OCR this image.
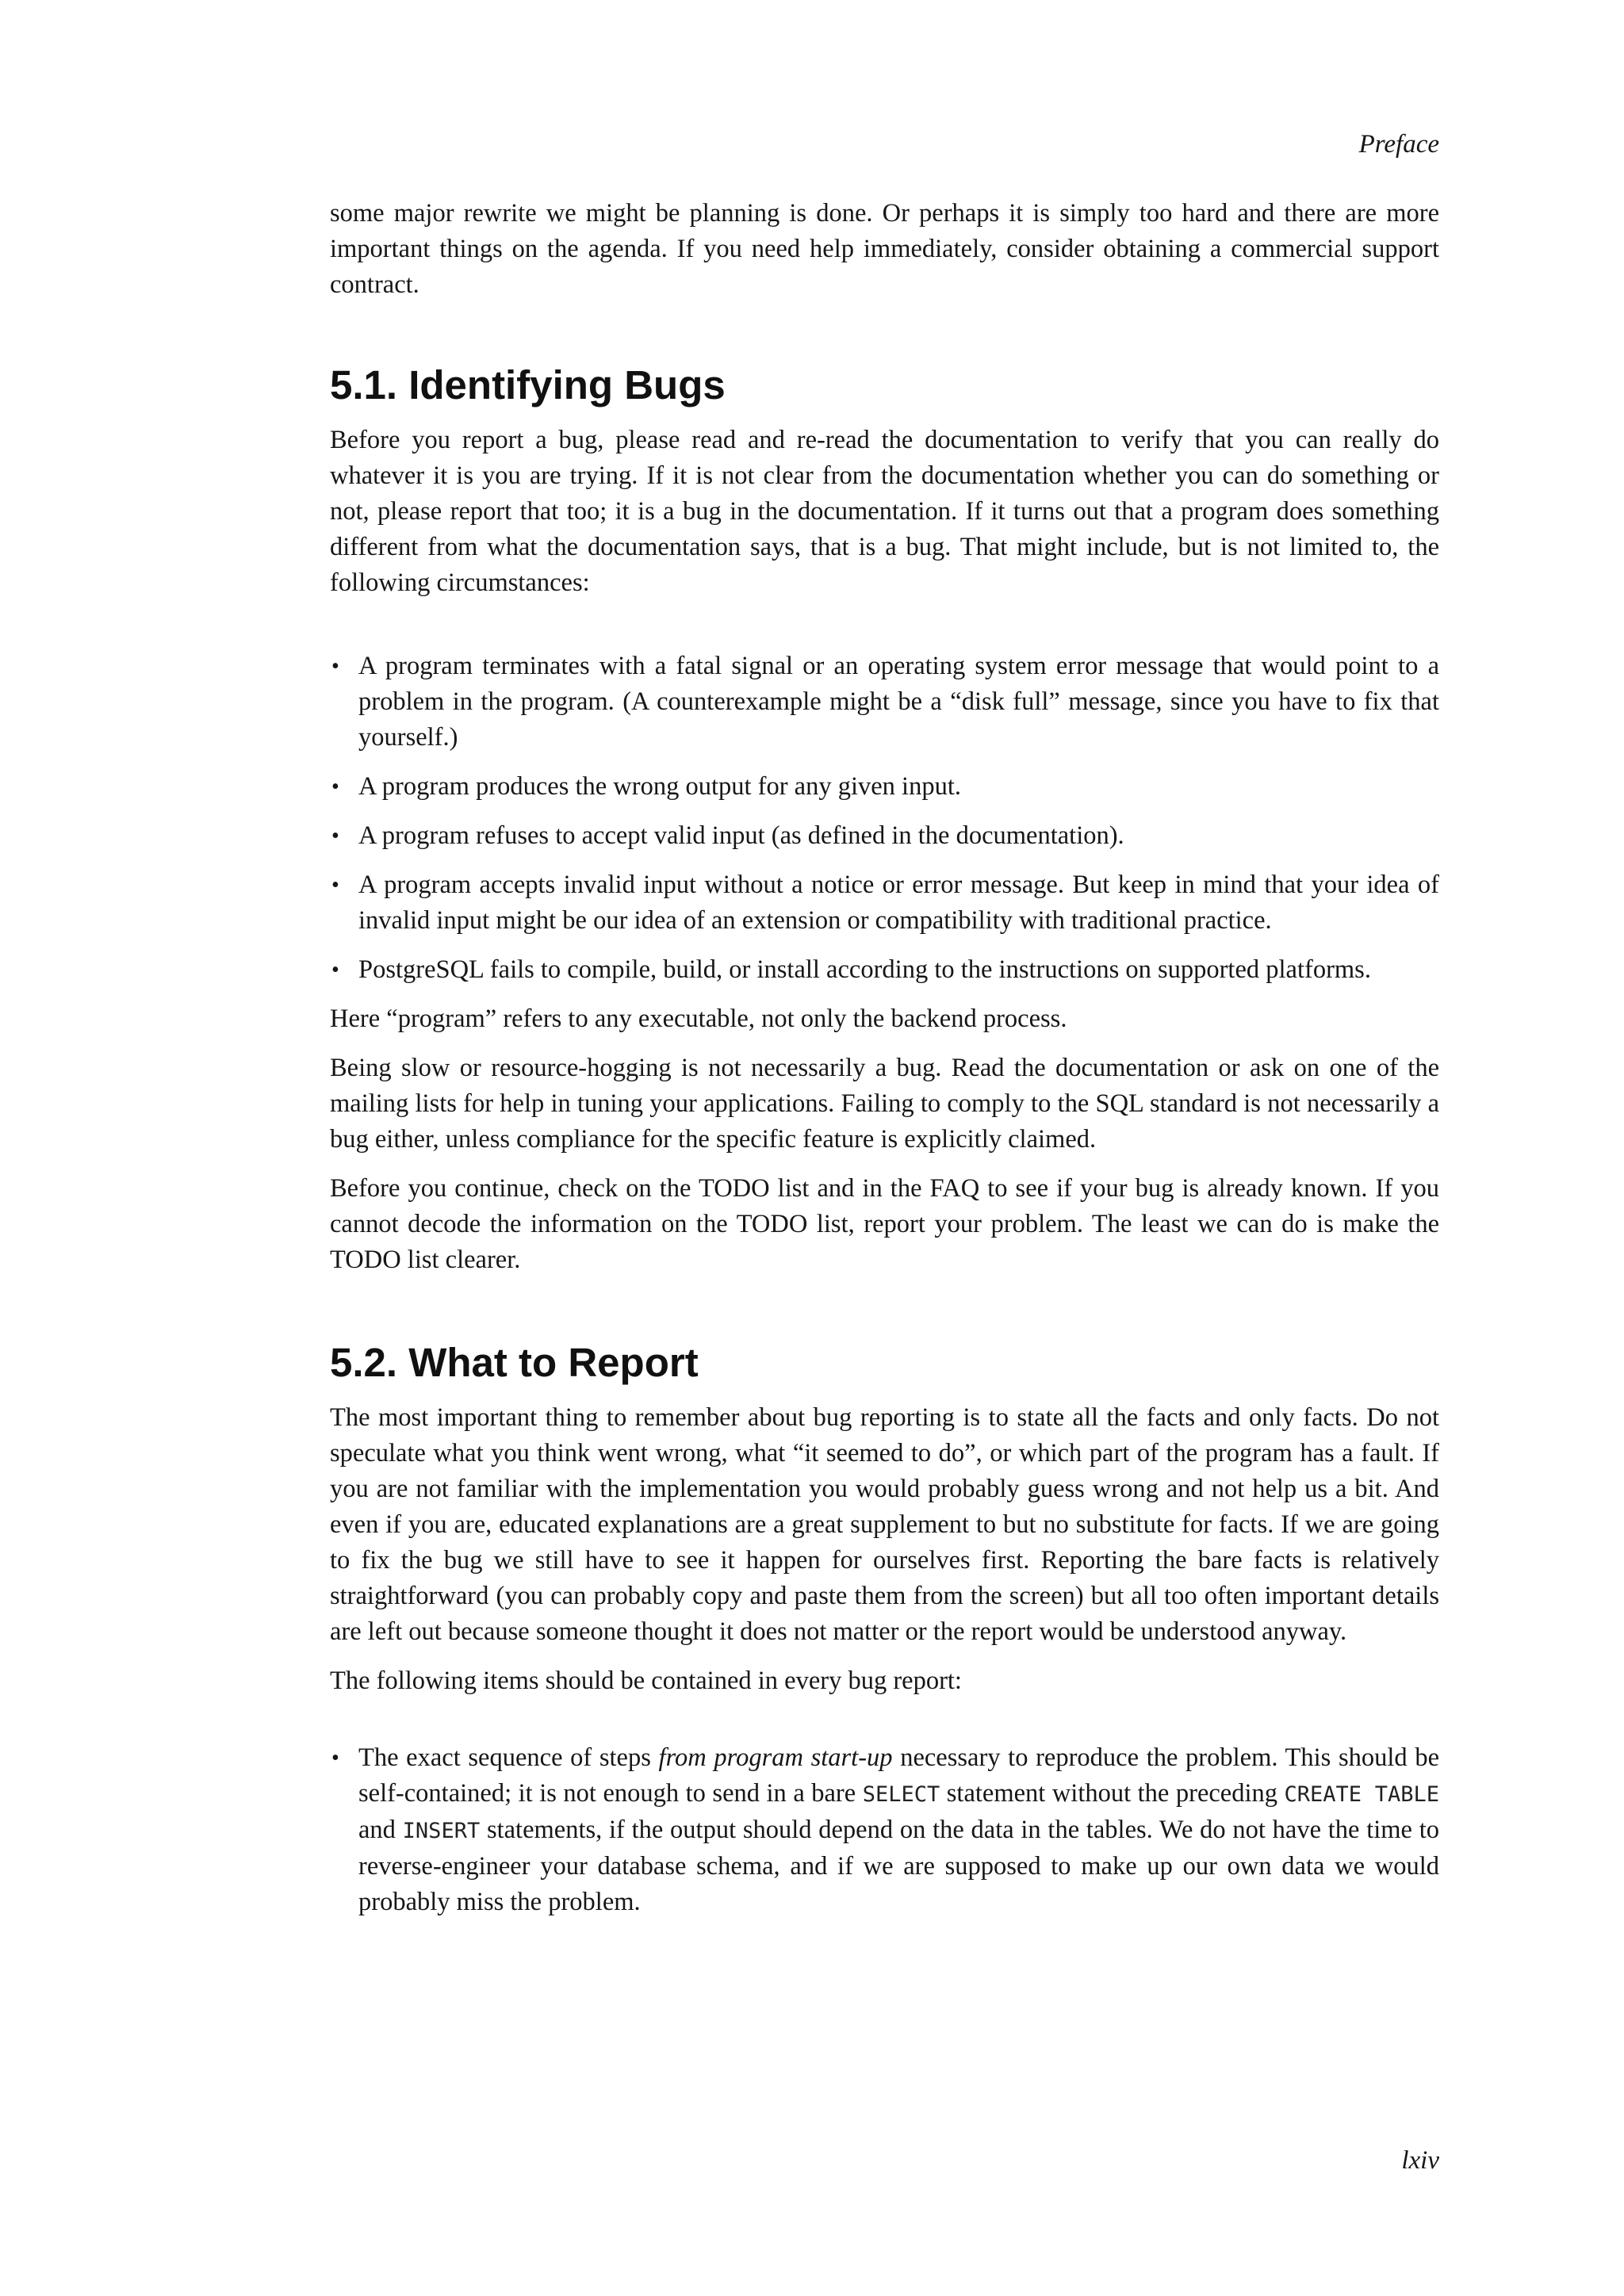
Preface

some major rewrite we might be planning is done. Or perhaps it is simply too hard and there are more important things on the agenda. If you need help immediately, consider obtaining a commercial support contract.

5.1. Identifying Bugs

Before you report a bug, please read and re-read the documentation to verify that you can really do whatever it is you are trying. If it is not clear from the documentation whether you can do something or not, please report that too; it is a bug in the documentation. If it turns out that a program does something different from what the documentation says, that is a bug. That might include, but is not limited to, the following circumstances:

• A program terminates with a fatal signal or an operating system error message that would point to a problem in the program. (A counterexample might be a “disk full” message, since you have to fix that yourself.)
• A program produces the wrong output for any given input.
• A program refuses to accept valid input (as defined in the documentation).
• A program accepts invalid input without a notice or error message. But keep in mind that your idea of invalid input might be our idea of an extension or compatibility with traditional practice.
• PostgreSQL fails to compile, build, or install according to the instructions on supported platforms.

Here “program” refers to any executable, not only the backend process.

Being slow or resource-hogging is not necessarily a bug. Read the documentation or ask on one of the mailing lists for help in tuning your applications. Failing to comply to the SQL standard is not necessarily a bug either, unless compliance for the specific feature is explicitly claimed.

Before you continue, check on the TODO list and in the FAQ to see if your bug is already known. If you cannot decode the information on the TODO list, report your problem. The least we can do is make the TODO list clearer.

5.2. What to Report

The most important thing to remember about bug reporting is to state all the facts and only facts. Do not speculate what you think went wrong, what “it seemed to do”, or which part of the program has a fault. If you are not familiar with the implementation you would probably guess wrong and not help us a bit. And even if you are, educated explanations are a great supplement to but no substitute for facts. If we are going to fix the bug we still have to see it happen for ourselves first. Reporting the bare facts is relatively straightforward (you can probably copy and paste them from the screen) but all too often important details are left out because someone thought it does not matter or the report would be understood anyway.

The following items should be contained in every bug report:

• The exact sequence of steps from program start-up necessary to reproduce the problem. This should be self-contained; it is not enough to send in a bare SELECT statement without the preceding CREATE TABLE and INSERT statements, if the output should depend on the data in the tables. We do not have the time to reverse-engineer your database schema, and if we are supposed to make up our own data we would probably miss the problem.
lxiv
